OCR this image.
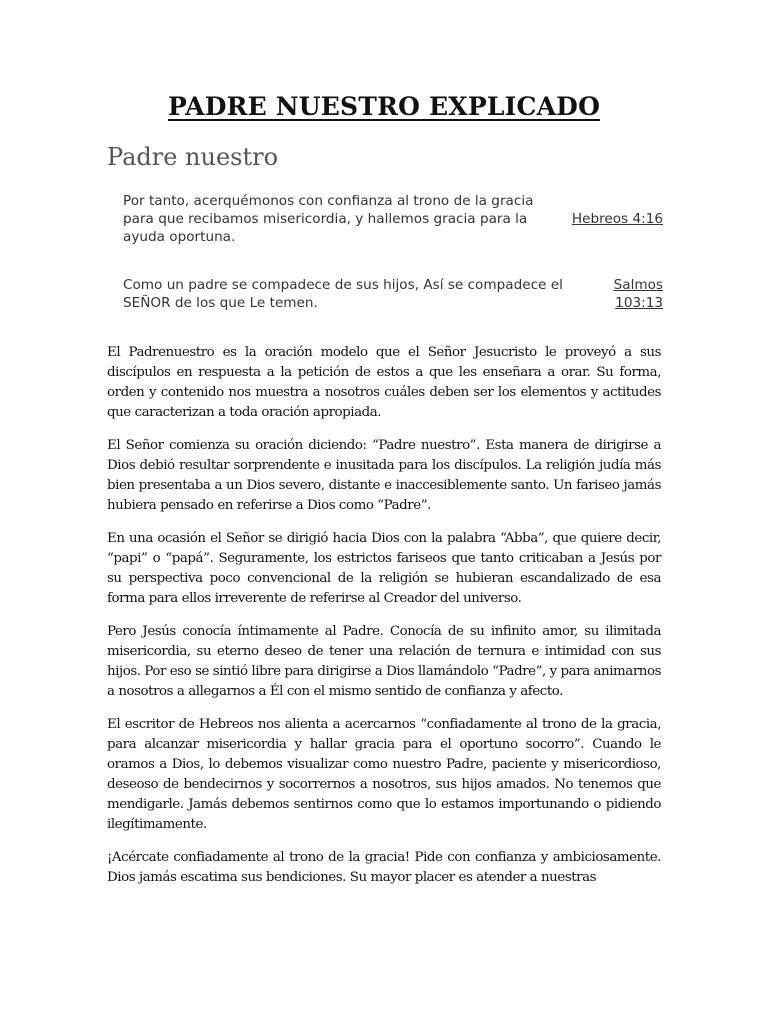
PADRE NUESTRO EXPLICADO
Padre nuestro
Por tanto, acerquémonos con confianza al trono de la gracia para que recibamos misericordia, y hallemos gracia para la ayuda oportuna.
Hebreos 4:16
Como un padre se compadece de sus hijos, Así se compadece el SEÑOR de los que Le temen.
Salmos 103:13

El Padrenuestro es la oración modelo que el Señor Jesucristo le proveyó a sus discípulos en respuesta a la petición de estos a que les enseñara a orar. Su forma, orden y contenido nos muestra a nosotros cuáles deben ser los elementos y actitudes que caracterizan a toda oración apropiada.

El Señor comienza su oración diciendo: “Padre nuestro”. Esta manera de dirigirse a Dios debió resultar sorprendente e inusitada para los discípulos. La religión judía más bien presentaba a un Dios severo, distante e inaccesiblemente santo. Un fariseo jamás hubiera pensado en referirse a Dios como “Padre”.

En una ocasión el Señor se dirigió hacia Dios con la palabra “Abba”, que quiere decir, “papi” o “papá”. Seguramente, los estrictos fariseos que tanto criticaban a Jesús por su perspectiva poco convencional de la religión se hubieran escandalizado de esa forma para ellos irreverente de referirse al Creador del universo.

Pero Jesús conocía íntimamente al Padre. Conocía de su infinito amor, su ilimitada misericordia, su eterno deseo de tener una relación de ternura e intimidad con sus hijos. Por eso se sintió libre para dirigirse a Dios llamándolo “Padre”, y para animarnos a nosotros a allegarnos a Él con el mismo sentido de confianza y afecto.

El escritor de Hebreos nos alienta a acercarnos “confiadamente al trono de la gracia, para alcanzar misericordia y hallar gracia para el oportuno socorro”. Cuando le oramos a Dios, lo debemos visualizar como nuestro Padre, paciente y misericordioso, deseoso de bendecirnos y socorrernos a nosotros, sus hijos amados. No tenemos que mendigarle. Jamás debemos sentirnos como que lo estamos importunando o pidiendo ilegítimamente.

¡Acércate confiadamente al trono de la gracia! Pide con confianza y ambiciosamente. Dios jamás escatima sus bendiciones. Su mayor placer es atender a nuestras
